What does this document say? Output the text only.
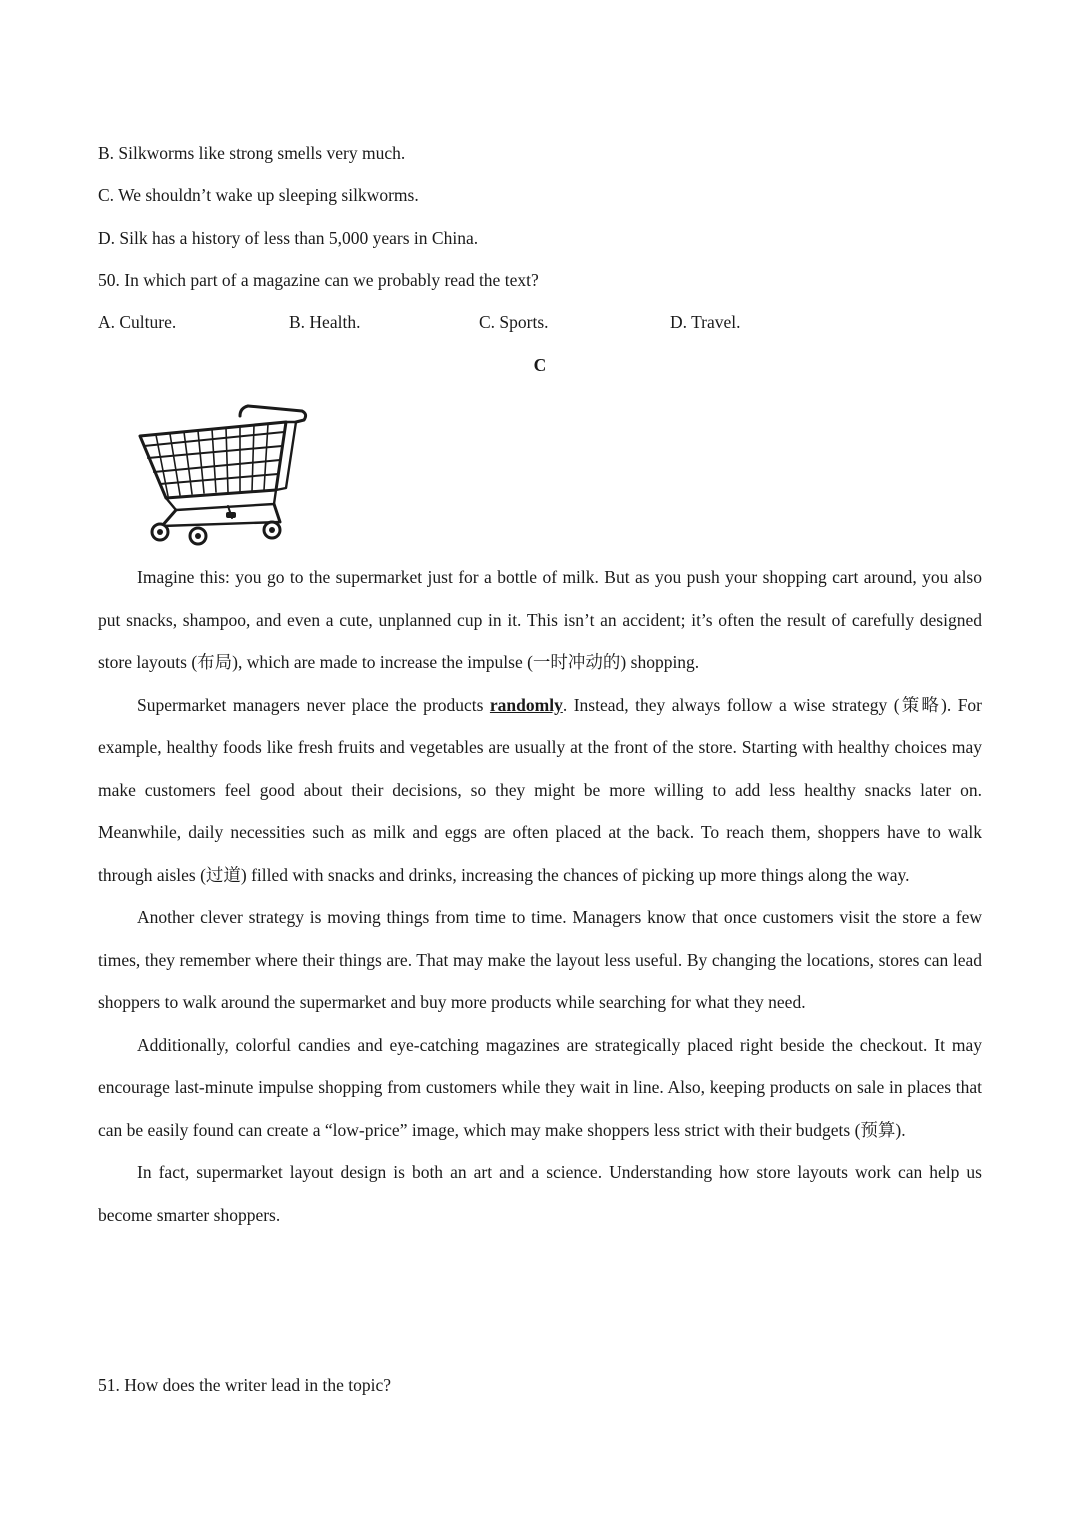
B. Silkworms like strong smells very much.
C. We shouldn’t wake up sleeping silkworms.
D. Silk has a history of less than 5,000 years in China.
50. In which part of a magazine can we probably read the text?
A. Culture.	B. Health.	C. Sports.	D. Travel.
C

Imagine this: you go to the supermarket just for a bottle of milk. But as you push your shopping cart around, you also put snacks, shampoo, and even a cute, unplanned cup in it. This isn’t an accident; it’s often the result of carefully designed store layouts (布局), which are made to increase the impulse (一时冲动的) shopping.

Supermarket managers never place the products randomly. Instead, they always follow a wise strategy (策略). For example, healthy foods like fresh fruits and vegetables are usually at the front of the store. Starting with healthy choices may make customers feel good about their decisions, so they might be more willing to add less healthy snacks later on. Meanwhile, daily necessities such as milk and eggs are often placed at the back. To reach them, shoppers have to walk through aisles (过道) filled with snacks and drinks, increasing the chances of picking up more things along the way.

Another clever strategy is moving things from time to time. Managers know that once customers visit the store a few times, they remember where their things are. That may make the layout less useful. By changing the locations, stores can lead shoppers to walk around the supermarket and buy more products while searching for what they need.

Additionally, colorful candies and eye-catching magazines are strategically placed right beside the checkout. It may encourage last-minute impulse shopping from customers while they wait in line. Also, keeping products on sale in places that can be easily found can create a “low-price” image, which may make shoppers less strict with their budgets (预算).

In fact, supermarket layout design is both an art and a science. Understanding how store layouts work can help us become smarter shoppers.

51. How does the writer lead in the topic?
